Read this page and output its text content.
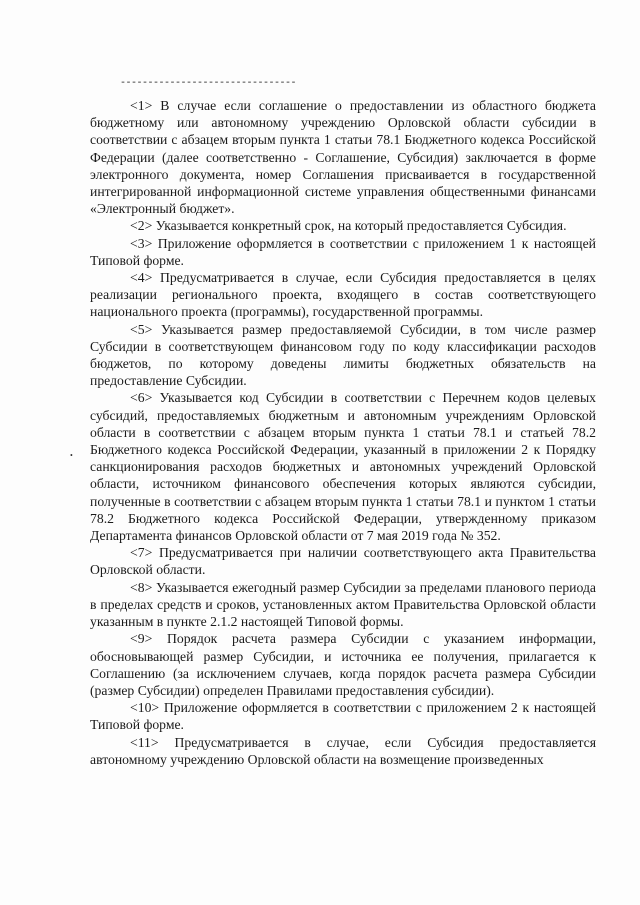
--------------------------------
•

<1> В случае если соглашение о предоставлении из областного бюджета бюджетному или автономному учреждению Орловской области субсидии в соответствии с абзацем вторым пункта 1 статьи 78.1 Бюджетного кодекса Российской Федерации (далее соответственно - Соглашение, Субсидия) заключается в форме электронного документа, номер Соглашения присваивается в государственной интегрированной информационной системе управления общественными финансами «Электронный бюджет».

<2> Указывается конкретный срок, на который предоставляется Субсидия.

<3> Приложение оформляется в соответствии с приложением 1 к настоящей Типовой форме.

<4> Предусматривается в случае, если Субсидия предоставляется в целях реализации регионального проекта, входящего в состав соответствующего национального проекта (программы), государственной программы.

<5> Указывается размер предоставляемой Субсидии, в том числе размер Субсидии в соответствующем финансовом году по коду классификации расходов бюджетов, по которому доведены лимиты бюджетных обязательств на предоставление Субсидии.

<6> Указывается код Субсидии в соответствии с Перечнем кодов целевых субсидий, предоставляемых бюджетным и автономным учреждениям Орловской области в соответствии с абзацем вторым пункта 1 статьи 78.1 и статьей 78.2 Бюджетного кодекса Российской Федерации, указанный в приложении 2 к Порядку санкционирования расходов бюджетных и автономных учреждений Орловской области, источником финансового обеспечения которых являются субсидии, полученные в соответствии с абзацем вторым пункта 1 статьи 78.1 и пунктом 1 статьи 78.2 Бюджетного кодекса Российской Федерации, утвержденному приказом Департамента финансов Орловской области от 7 мая 2019 года № 352.

<7> Предусматривается при наличии соответствующего акта Правительства Орловской области.

<8> Указывается ежегодный размер Субсидии за пределами планового периода в пределах средств и сроков, установленных актом Правительства Орловской области указанным в пункте 2.1.2 настоящей Типовой формы.

<9> Порядок расчета размера Субсидии с указанием информации, обосновывающей размер Субсидии, и источника ее получения, прилагается к Соглашению (за исключением случаев, когда порядок расчета размера Субсидии (размер Субсидии) определен Правилами предоставления субсидии).

<10> Приложение оформляется в соответствии с приложением 2 к настоящей Типовой форме.

<11> Предусматривается в случае, если Субсидия предоставляется автономному учреждению Орловской области на возмещение произведенных
